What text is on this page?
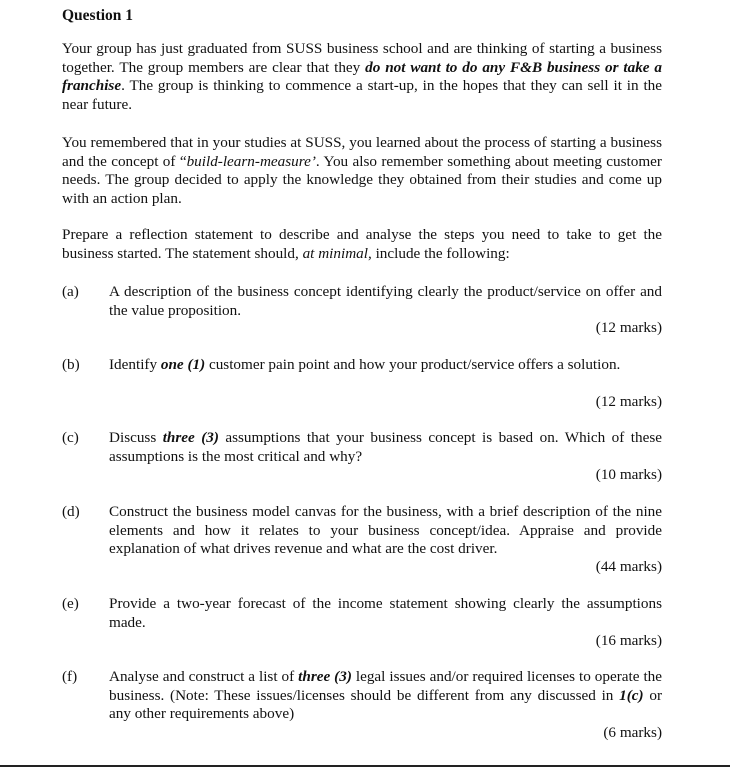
Question 1
Your group has just graduated from SUSS business school and are thinking of starting a business together. The group members are clear that they do not want to do any F&B business or take a franchise. The group is thinking to commence a start-up, in the hopes that they can sell it in the near future.
You remembered that in your studies at SUSS, you learned about the process of starting a business and the concept of “build-learn-measure’. You also remember something about meeting customer needs. The group decided to apply the knowledge they obtained from their studies and come up with an action plan.
Prepare a reflection statement to describe and analyse the steps you need to take to get the business started. The statement should, at minimal, include the following:
(a)	A description of the business concept identifying clearly the product/service on offer and the value proposition.
(12 marks)
(b)	Identify one (1) customer pain point and how your product/service offers a solution.
(12 marks)
(c)	Discuss three (3) assumptions that your business concept is based on. Which of these assumptions is the most critical and why?
(10 marks)
(d)	Construct the business model canvas for the business, with a brief description of the nine elements and how it relates to your business concept/idea. Appraise and provide explanation of what drives revenue and what are the cost driver.
(44 marks)
(e)	Provide a two-year forecast of the income statement showing clearly the assumptions made.
(16 marks)
(f)	Analyse and construct a list of three (3) legal issues and/or required licenses to operate the business. (Note: These issues/licenses should be different from any discussed in 1(c) or any other requirements above)
(6 marks)
